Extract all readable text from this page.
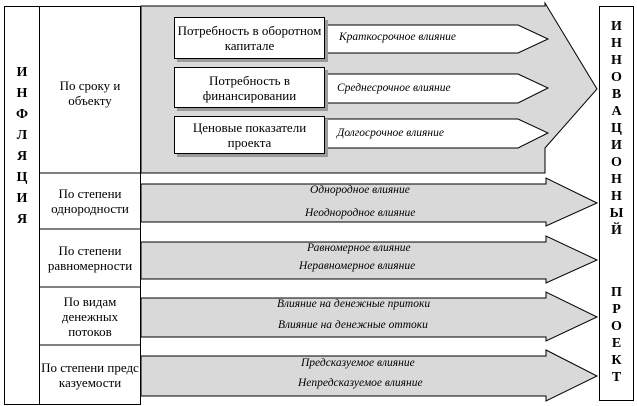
И
Н
Ф
Л
Я
Ц
И
Я
И
Н
Н
О
В
А
Ц
И
О
Н
Н
Ы
Й
П
Р
О
Е
К
Т
По сроку и объекту
По степени однородности
По степени равномерности
По видам денежных потоков
По степени предсказуемости
Потребность в оборотном капитале
Потребность в финансировании
Ценовые показатели проекта
Краткосрочное влияние
Среднесрочное влияние
Долгосрочное влияние
Однородное влияние
Неоднородное влияние
Равномерное влияние
Неравномерное влияние
Влияние на денежные притоки
Влияние на денежные оттоки
Предсказуемое влияние
Непредсказуемое влияние
